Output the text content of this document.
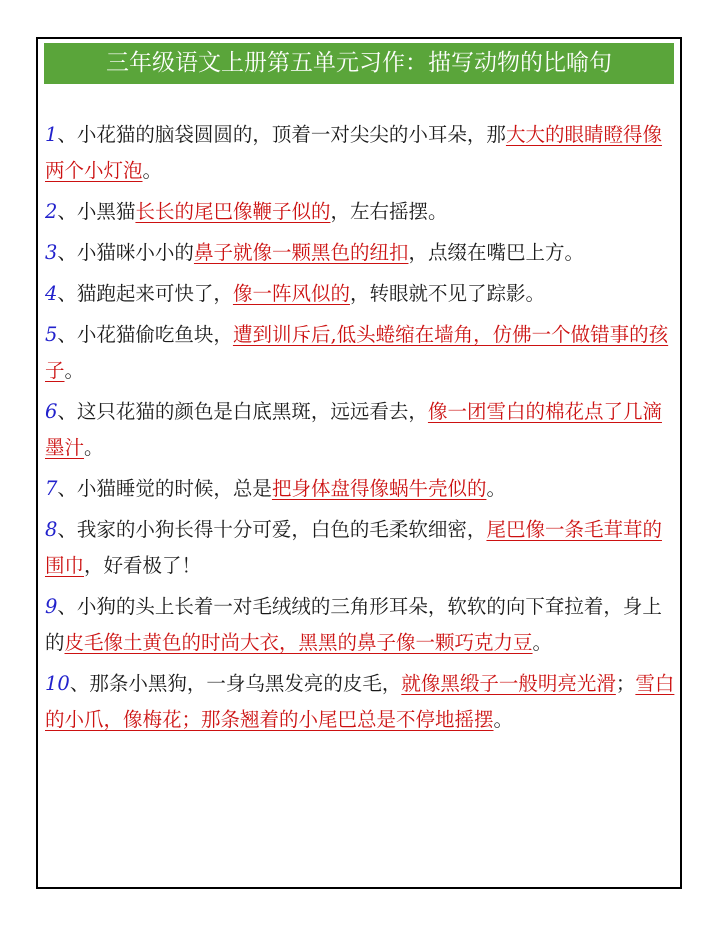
三年级语文上册第五单元习作：描写动物的比喻句
1、小花猫的脑袋圆圆的，顶着一对尖尖的小耳朵，那大大的眼睛瞪得像两个小灯泡。
2、小黑猫长长的尾巴像鞭子似的，左右摇摆。
3、小猫咪小小的鼻子就像一颗黑色的纽扣，点缀在嘴巴上方。
4、猫跑起来可快了，像一阵风似的，转眼就不见了踪影。
5、小花猫偷吃鱼块，遭到训斥后,低头蜷缩在墙角，仿佛一个做错事的孩子。
6、这只花猫的颜色是白底黑斑，远远看去，像一团雪白的棉花点了几滴墨汁。
7、小猫睡觉的时候，总是把身体盘得像蜗牛壳似的。
8、我家的小狗长得十分可爱，白色的毛柔软细密，尾巴像一条毛茸茸的围巾，好看极了！
9、小狗的头上长着一对毛绒绒的三角形耳朵，软软的向下耷拉着，身上的皮毛像土黄色的时尚大衣，黑黑的鼻子像一颗巧克力豆。
10、那条小黑狗，一身乌黑发亮的皮毛，就像黑缎子一般明亮光滑；雪白的小爪，像梅花；那条翘着的小尾巴总是不停地摇摆。
